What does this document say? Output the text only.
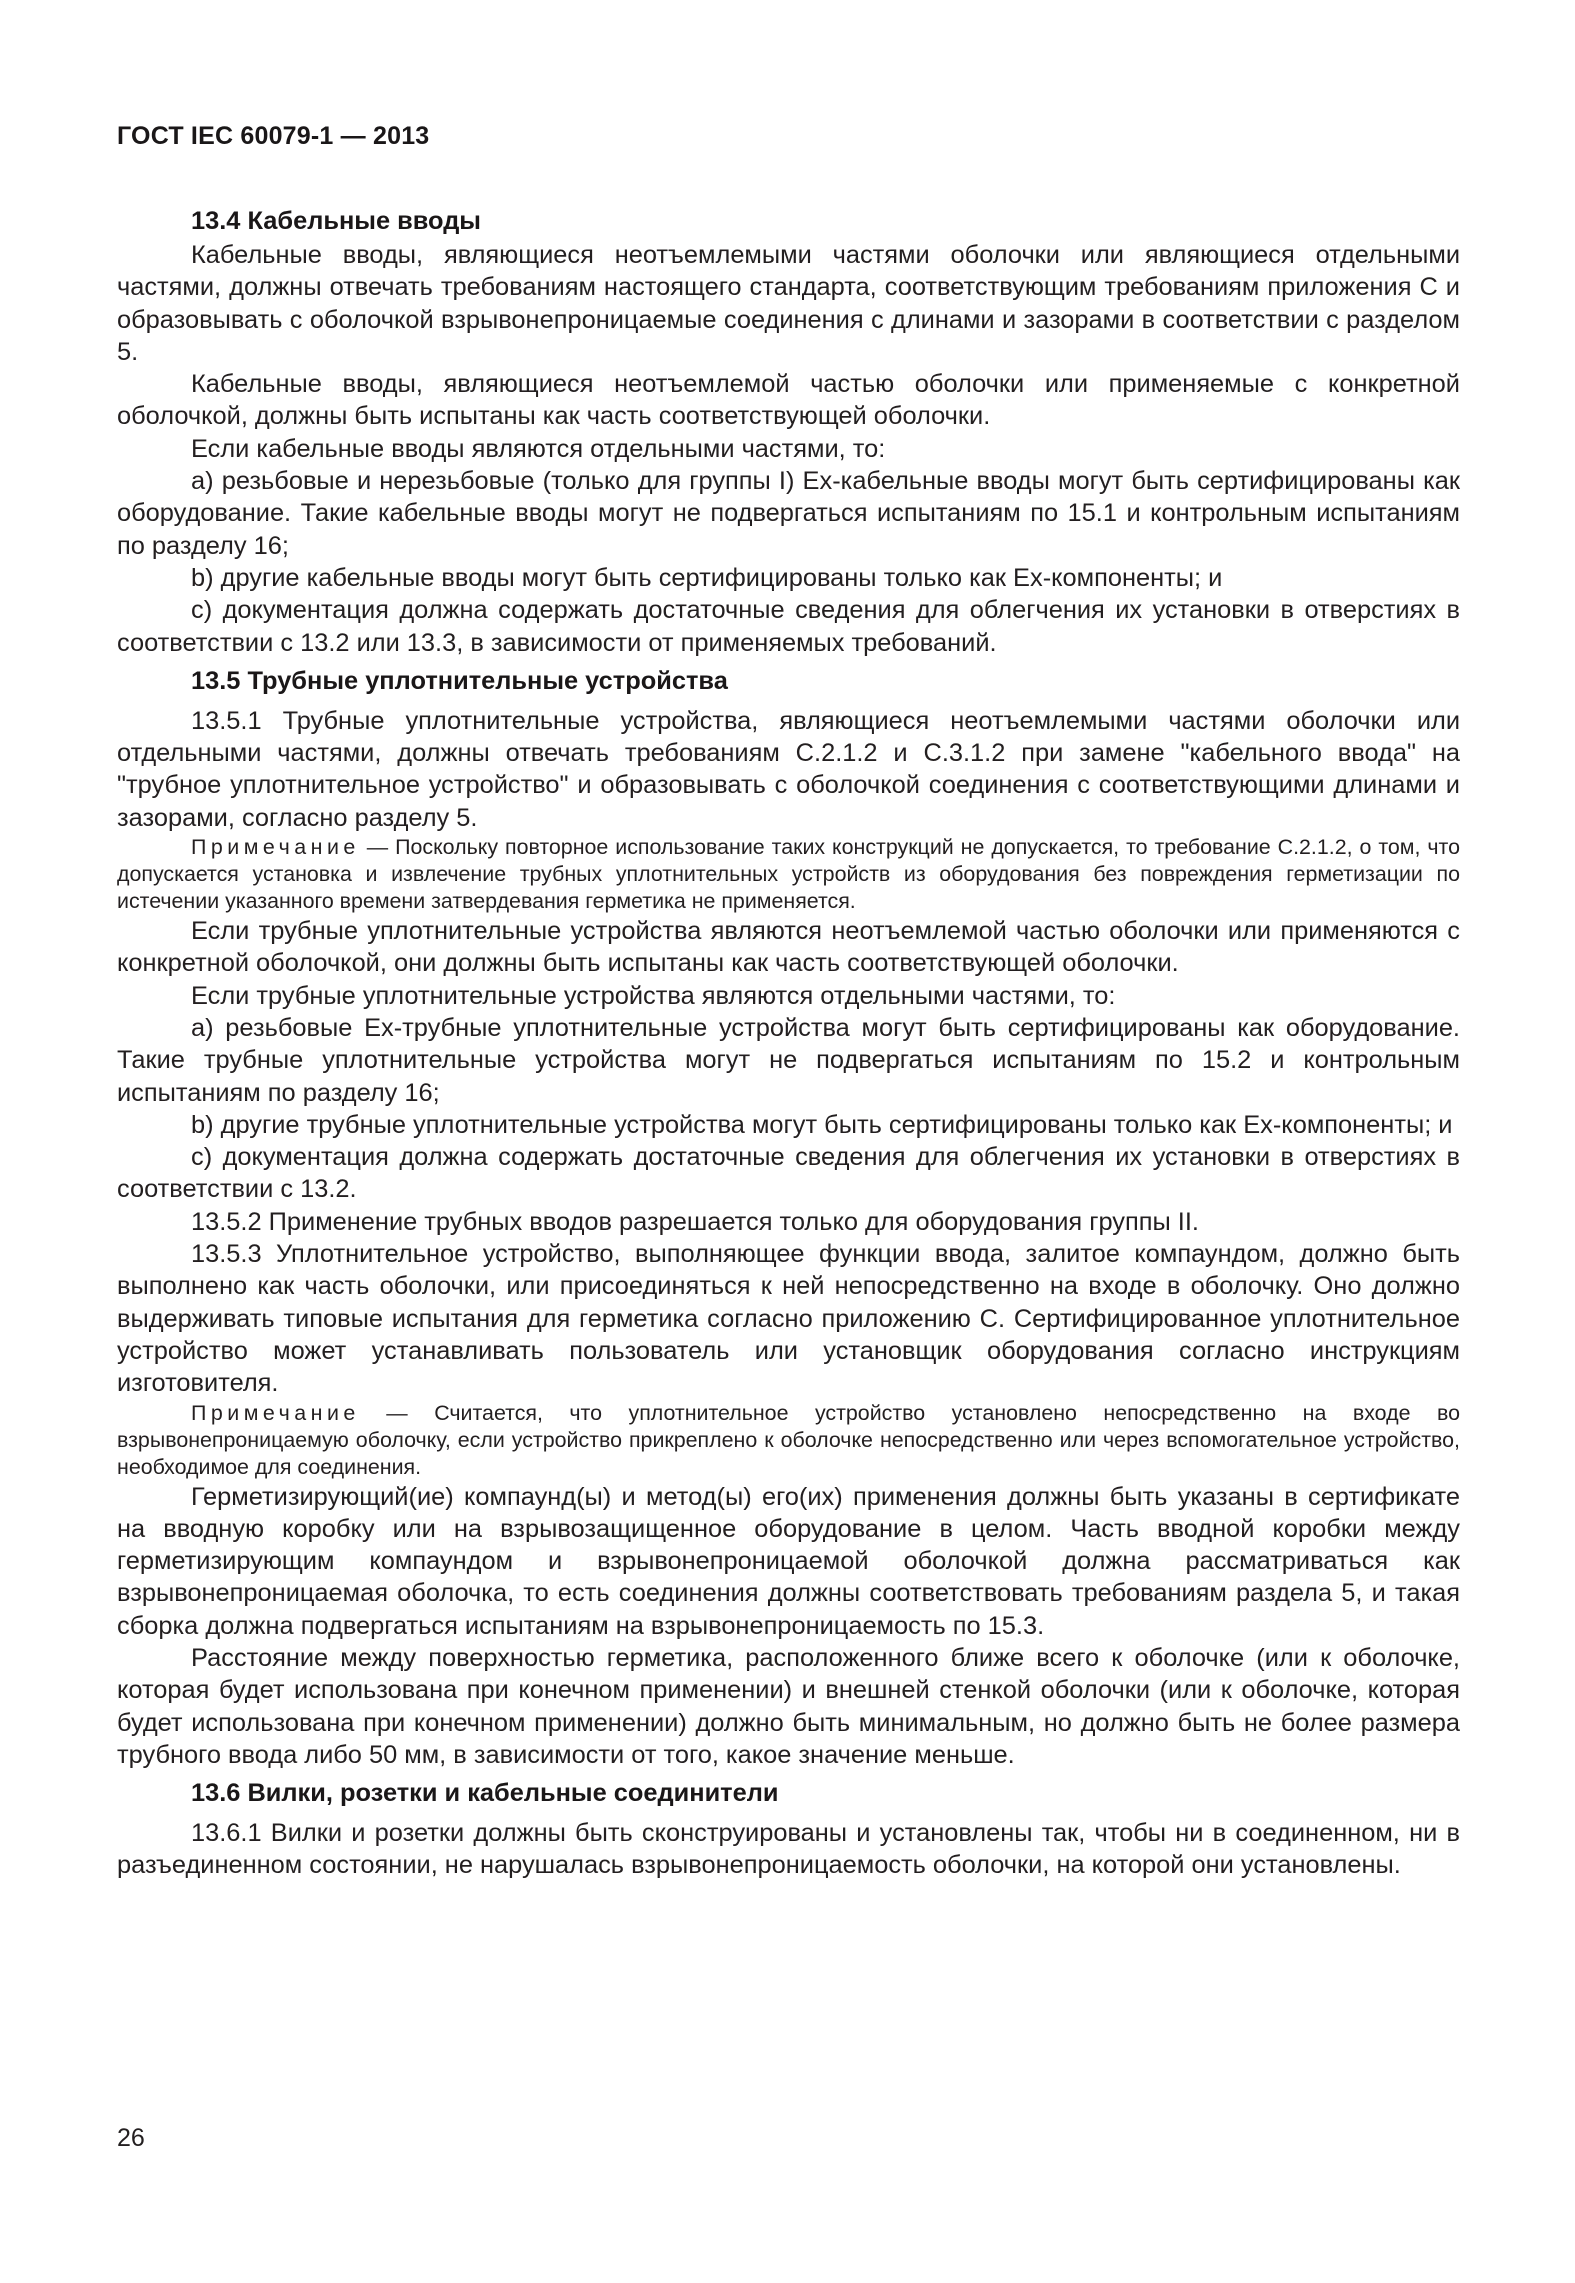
ГОСТ IEC 60079-1 — 2013
13.4 Кабельные вводы

Кабельные вводы, являющиеся неотъемлемыми частями оболочки или являющиеся отдельными частями, должны отвечать требованиям настоящего стандарта, соответствующим требованиям приложения С и образовывать с оболочкой взрывонепроницаемые соединения с длинами и зазорами в соответствии с разделом 5.

Кабельные вводы, являющиеся неотъемлемой частью оболочки или применяемые с конкретной оболочкой, должны быть испытаны как часть соответствующей оболочки.

Если кабельные вводы являются отдельными частями, то:

a) резьбовые и нерезьбовые (только для группы I) Ех-кабельные вводы могут быть сертифицированы как оборудование. Такие кабельные вводы могут не подвергаться испытаниям по 15.1 и контрольным испытаниям по разделу 16;

b) другие кабельные вводы могут быть сертифицированы только как Ех-компоненты; и

c) документация должна содержать достаточные сведения для облегчения их установки в отверстиях в соответствии с 13.2 или 13.3, в зависимости от применяемых требований.

13.5 Трубные уплотнительные устройства

13.5.1 Трубные уплотнительные устройства, являющиеся неотъемлемыми частями оболочки или отдельными частями, должны отвечать требованиям С.2.1.2 и С.3.1.2 при замене "кабельного ввода" на "трубное уплотнительное устройство" и образовывать с оболочкой соединения с соответствующими длинами и зазорами, согласно разделу 5.

Примечание — Поскольку повторное использование таких конструкций не допускается, то требование С.2.1.2, о том, что допускается установка и извлечение трубных уплотнительных устройств из оборудования без повреждения герметизации по истечении указанного времени затвердевания герметика не применяется.

Если трубные уплотнительные устройства являются неотъемлемой частью оболочки или применяются с конкретной оболочкой, они должны быть испытаны как часть соответствующей оболочки.

Если трубные уплотнительные устройства являются отдельными частями, то:

a) резьбовые Ех-трубные уплотнительные устройства могут быть сертифицированы как оборудование. Такие трубные уплотнительные устройства могут не подвергаться испытаниям по 15.2 и контрольным испытаниям по разделу 16;

b) другие трубные уплотнительные устройства могут быть сертифицированы только как Ех-компоненты; и

c) документация должна содержать достаточные сведения для облегчения их установки в отверстиях в соответствии с 13.2.

13.5.2 Применение трубных вводов разрешается только для оборудования группы II.

13.5.3 Уплотнительное устройство, выполняющее функции ввода, залитое компаундом, должно быть выполнено как часть оболочки, или присоединяться к ней непосредственно на входе в оболочку. Оно должно выдерживать типовые испытания для герметика согласно приложению С. Сертифицированное уплотнительное устройство может устанавливать пользователь или установщик оборудования согласно инструкциям изготовителя.

Примечание — Считается, что уплотнительное устройство установлено непосредственно на входе во взрывонепроницаемую оболочку, если устройство прикреплено к оболочке непосредственно или через вспомогательное устройство, необходимое для соединения.

Герметизирующий(ие) компаунд(ы) и метод(ы) его(их) применения должны быть указаны в сертификате на вводную коробку или на взрывозащищенное оборудование в целом. Часть вводной коробки между герметизирующим компаундом и взрывонепроницаемой оболочкой должна рассматриваться как взрывонепроницаемая оболочка, то есть соединения должны соответствовать требованиям раздела 5, и такая сборка должна подвергаться испытаниям на взрывонепроницаемость по 15.3.

Расстояние между поверхностью герметика, расположенного ближе всего к оболочке (или к оболочке, которая будет использована при конечном применении) и внешней стенкой оболочки (или к оболочке, которая будет использована при конечном применении) должно быть минимальным, но должно быть не более размера трубного ввода либо 50 мм, в зависимости от того, какое значение меньше.

13.6 Вилки, розетки и кабельные соединители

13.6.1 Вилки и розетки должны быть сконструированы и установлены так, чтобы ни в соединенном, ни в разъединенном состоянии, не нарушалась взрывонепроницаемость оболочки, на которой они установлены.

26
